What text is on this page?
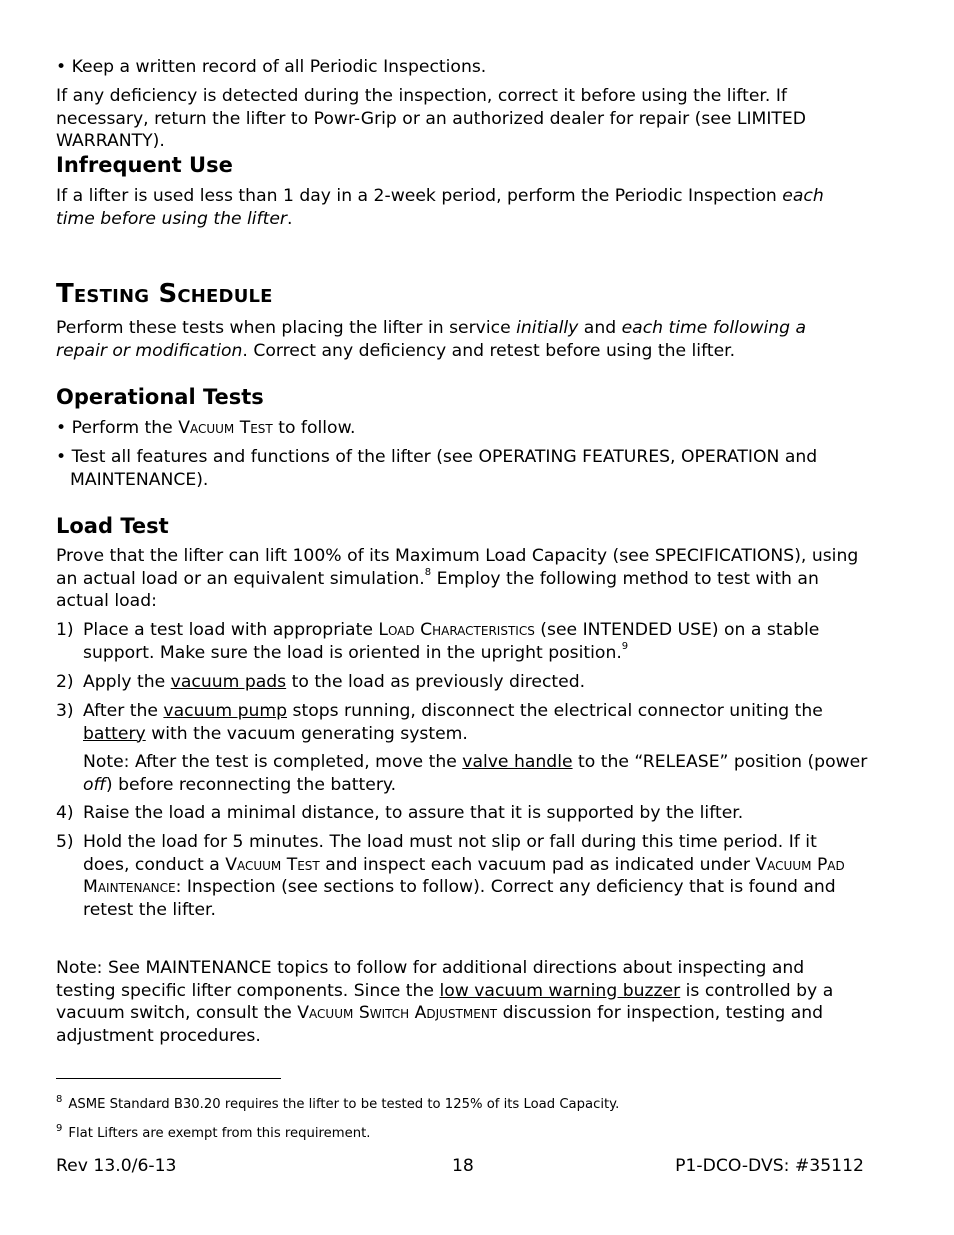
• Keep a written record of all Periodic Inspections.

If any deficiency is detected during the inspection, correct it before using the lifter. If necessary, return the lifter to Powr-Grip or an authorized dealer for repair (see LIMITED WARRANTY).

Infrequent Use

If a lifter is used less than 1 day in a 2-week period, perform the Periodic Inspection each time before using the lifter.

Testing Schedule

Perform these tests when placing the lifter in service initially and each time following a repair or modification. Correct any deficiency and retest before using the lifter.

Operational Tests

• Perform the Vacuum Test to follow.

• Test all features and functions of the lifter (see OPERATING FEATURES, OPERATION and MAINTENANCE).

Load Test

Prove that the lifter can lift 100% of its Maximum Load Capacity (see SPECIFICATIONS), using an actual load or an equivalent simulation.$^8$ Employ the following method to test with an actual load:

1) Place a test load with appropriate Load Characteristics (see INTENDED USE) on a stable support. Make sure the load is oriented in the upright position.$^9$
2) Apply the vacuum pads to the load as previously directed.
3) After the vacuum pump stops running, disconnect the electrical connector uniting the battery with the vacuum generating system.

Note: After the test is completed, move the valve handle to the “RELEASE” position (power off) before reconnecting the battery.

4) Raise the load a minimal distance, to assure that it is supported by the lifter.
5) Hold the load for 5 minutes. The load must not slip or fall during this time period. If it does, conduct a Vacuum Test and inspect each vacuum pad as indicated under Vacuum Pad Maintenance: Inspection (see sections to follow). Correct any deficiency that is found and retest the lifter.

Note: See MAINTENANCE topics to follow for additional directions about inspecting and testing specific lifter components. Since the low vacuum warning buzzer is controlled by a vacuum switch, consult the Vacuum Switch Adjustment discussion for inspection, testing and adjustment procedures.

$^8$ ASME Standard B30.20 requires the lifter to be tested to 125% of its Load Capacity.

$^9$ Flat Lifters are exempt from this requirement.

Rev 13.0/6-13	18	P1-DCO-DVS: #35112
